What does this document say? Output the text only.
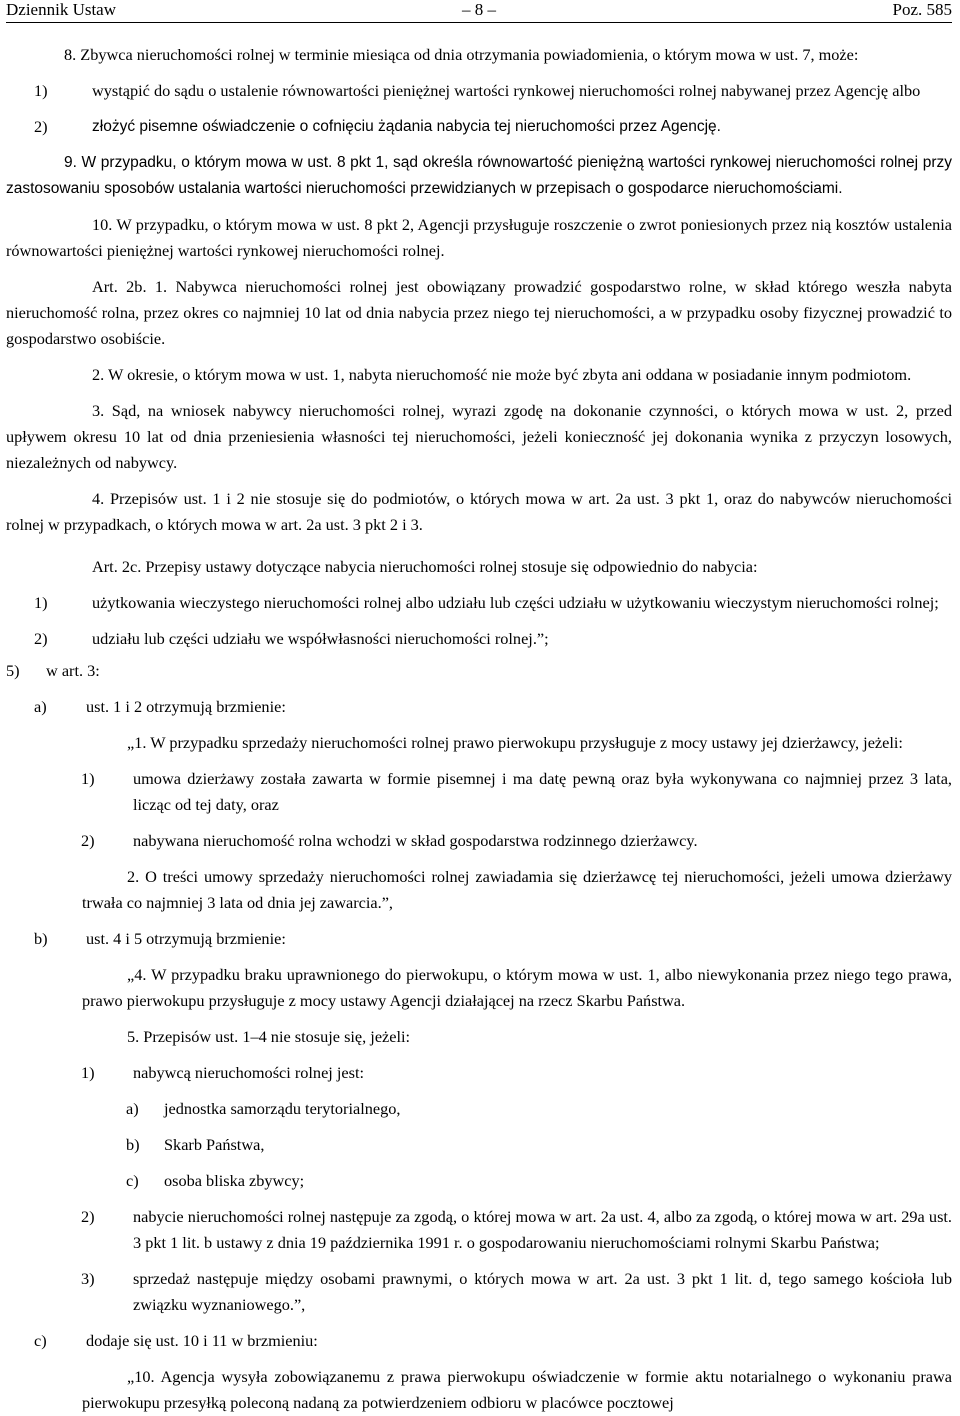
Dziennik Ustaw	– 8 –	Poz. 585

8. Zbywca nieruchomości rolnej w terminie miesiąca od dnia otrzymania powiadomienia, o którym mowa w ust. 7, może:

1)	wystąpić do sądu o ustalenie równowartości pieniężnej wartości rynkowej nieruchomości rolnej nabywanej przez Agencję albo
2)	złożyć pisemne oświadczenie o cofnięciu żądania nabycia tej nieruchomości przez Agencję.

9. W przypadku, o którym mowa w ust. 8 pkt 1, sąd określa równowartość pieniężną wartości rynkowej nieruchomości rolnej przy zastosowaniu sposobów ustalania wartości nieruchomości przewidzianych w przepisach o gospodarce nieruchomościami.

10. W przypadku, o którym mowa w ust. 8 pkt 2, Agencji przysługuje roszczenie o zwrot poniesionych przez nią kosztów ustalenia równowartości pieniężnej wartości rynkowej nieruchomości rolnej.

Art. 2b. 1. Nabywca nieruchomości rolnej jest obowiązany prowadzić gospodarstwo rolne, w skład którego weszła nabyta nieruchomość rolna, przez okres co najmniej 10 lat od dnia nabycia przez niego tej nieruchomości, a w przypadku osoby fizycznej prowadzić to gospodarstwo osobiście.

2. W okresie, o którym mowa w ust. 1, nabyta nieruchomość nie może być zbyta ani oddana w posiadanie innym podmiotom.

3. Sąd, na wniosek nabywcy nieruchomości rolnej, wyrazi zgodę na dokonanie czynności, o których mowa w ust. 2, przed upływem okresu 10 lat od dnia przeniesienia własności tej nieruchomości, jeżeli konieczność jej dokonania wynika z przyczyn losowych, niezależnych od nabywcy.

4. Przepisów ust. 1 i 2 nie stosuje się do podmiotów, o których mowa w art. 2a ust. 3 pkt 1, oraz do nabywców nieruchomości rolnej w przypadkach, o których mowa w art. 2a ust. 3 pkt 2 i 3.

Art. 2c. Przepisy ustawy dotyczące nabycia nieruchomości rolnej stosuje się odpowiednio do nabycia:

1)	użytkowania wieczystego nieruchomości rolnej albo udziału lub części udziału w użytkowaniu wieczystym nieruchomości rolnej;
2)	udziału lub części udziału we współwłasności nieruchomości rolnej.”;
5)	w art. 3:
a)	ust. 1 i 2 otrzymują brzmienie:

„1. W przypadku sprzedaży nieruchomości rolnej prawo pierwokupu przysługuje z mocy ustawy jej dzierżawcy, jeżeli:

1)	umowa dzierżawy została zawarta w formie pisemnej i ma datę pewną oraz była wykonywana co najmniej przez 3 lata, licząc od tej daty, oraz
2)	nabywana nieruchomość rolna wchodzi w skład gospodarstwa rodzinnego dzierżawcy.

2. O treści umowy sprzedaży nieruchomości rolnej zawiadamia się dzierżawcę tej nieruchomości, jeżeli umowa dzierżawy trwała co najmniej 3 lata od dnia jej zawarcia.”,

b)	ust. 4 i 5 otrzymują brzmienie:

„4. W przypadku braku uprawnionego do pierwokupu, o którym mowa w ust. 1, albo niewykonania przez niego tego prawa, prawo pierwokupu przysługuje z mocy ustawy Agencji działającej na rzecz Skarbu Państwa.

5. Przepisów ust. 1–4 nie stosuje się, jeżeli:

1)	nabywcą nieruchomości rolnej jest:
a)	jednostka samorządu terytorialnego,
b)	Skarb Państwa,
c)	osoba bliska zbywcy;
2)	nabycie nieruchomości rolnej następuje za zgodą, o której mowa w art. 2a ust. 4, albo za zgodą, o której mowa w art. 29a ust. 3 pkt 1 lit. b ustawy z dnia 19 października 1991 r. o gospodarowaniu nieruchomościami rolnymi Skarbu Państwa;
3)	sprzedaż następuje między osobami prawnymi, o których mowa w art. 2a ust. 3 pkt 1 lit. d, tego samego kościoła lub związku wyznaniowego.”,
c)	dodaje się ust. 10 i 11 w brzmieniu:

„10. Agencja wysyła zobowiązanemu z prawa pierwokupu oświadczenie w formie aktu notarialnego o wykonaniu prawa pierwokupu przesyłką poleconą nadaną za potwierdzeniem odbioru w placówce pocztowej
